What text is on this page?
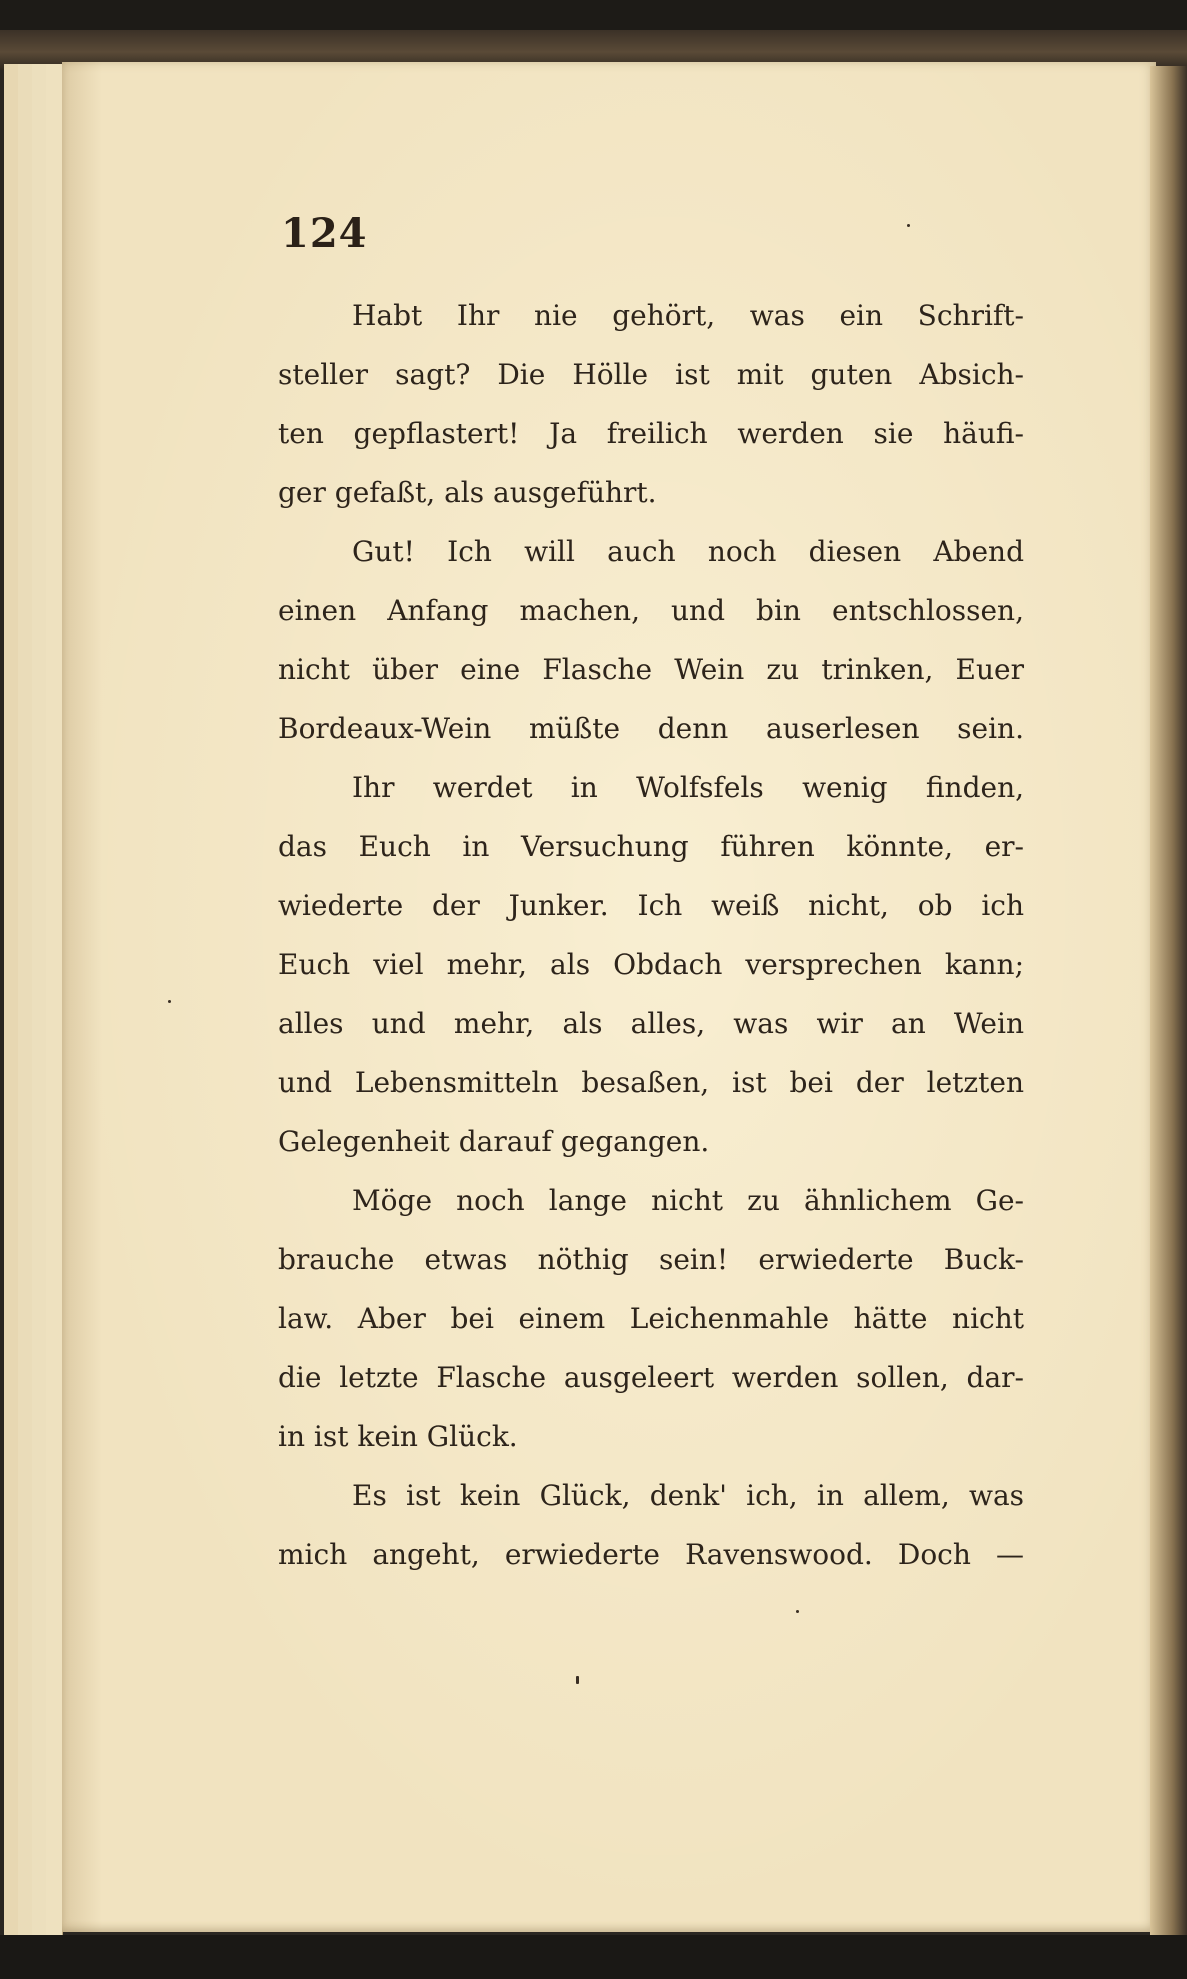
124
Habt Ihr nie gehört, was ein Schrift-
steller sagt? Die Hölle ist mit guten Absich-
ten gepflastert! Ja freilich werden sie häufi-
ger gefaßt, als ausgeführt.
Gut! Ich will auch noch diesen Abend
einen Anfang machen, und bin entschlossen,
nicht über eine Flasche Wein zu trinken, Euer
Bordeaux-Wein müßte denn auserlesen sein.
Ihr werdet in Wolfsfels wenig finden,
das Euch in Versuchung führen könnte, er-
wiederte der Junker. Ich weiß nicht, ob ich
Euch viel mehr, als Obdach versprechen kann;
alles und mehr, als alles, was wir an Wein
und Lebensmitteln besaßen, ist bei der letzten
Gelegenheit darauf gegangen.
Möge noch lange nicht zu ähnlichem Ge-
brauche etwas nöthig sein! erwiederte Buck-
law. Aber bei einem Leichenmahle hätte nicht
die letzte Flasche ausgeleert werden sollen, dar-
in ist kein Glück.
Es ist kein Glück, denk' ich, in allem, was
mich angeht, erwiederte Ravenswood. Doch —
